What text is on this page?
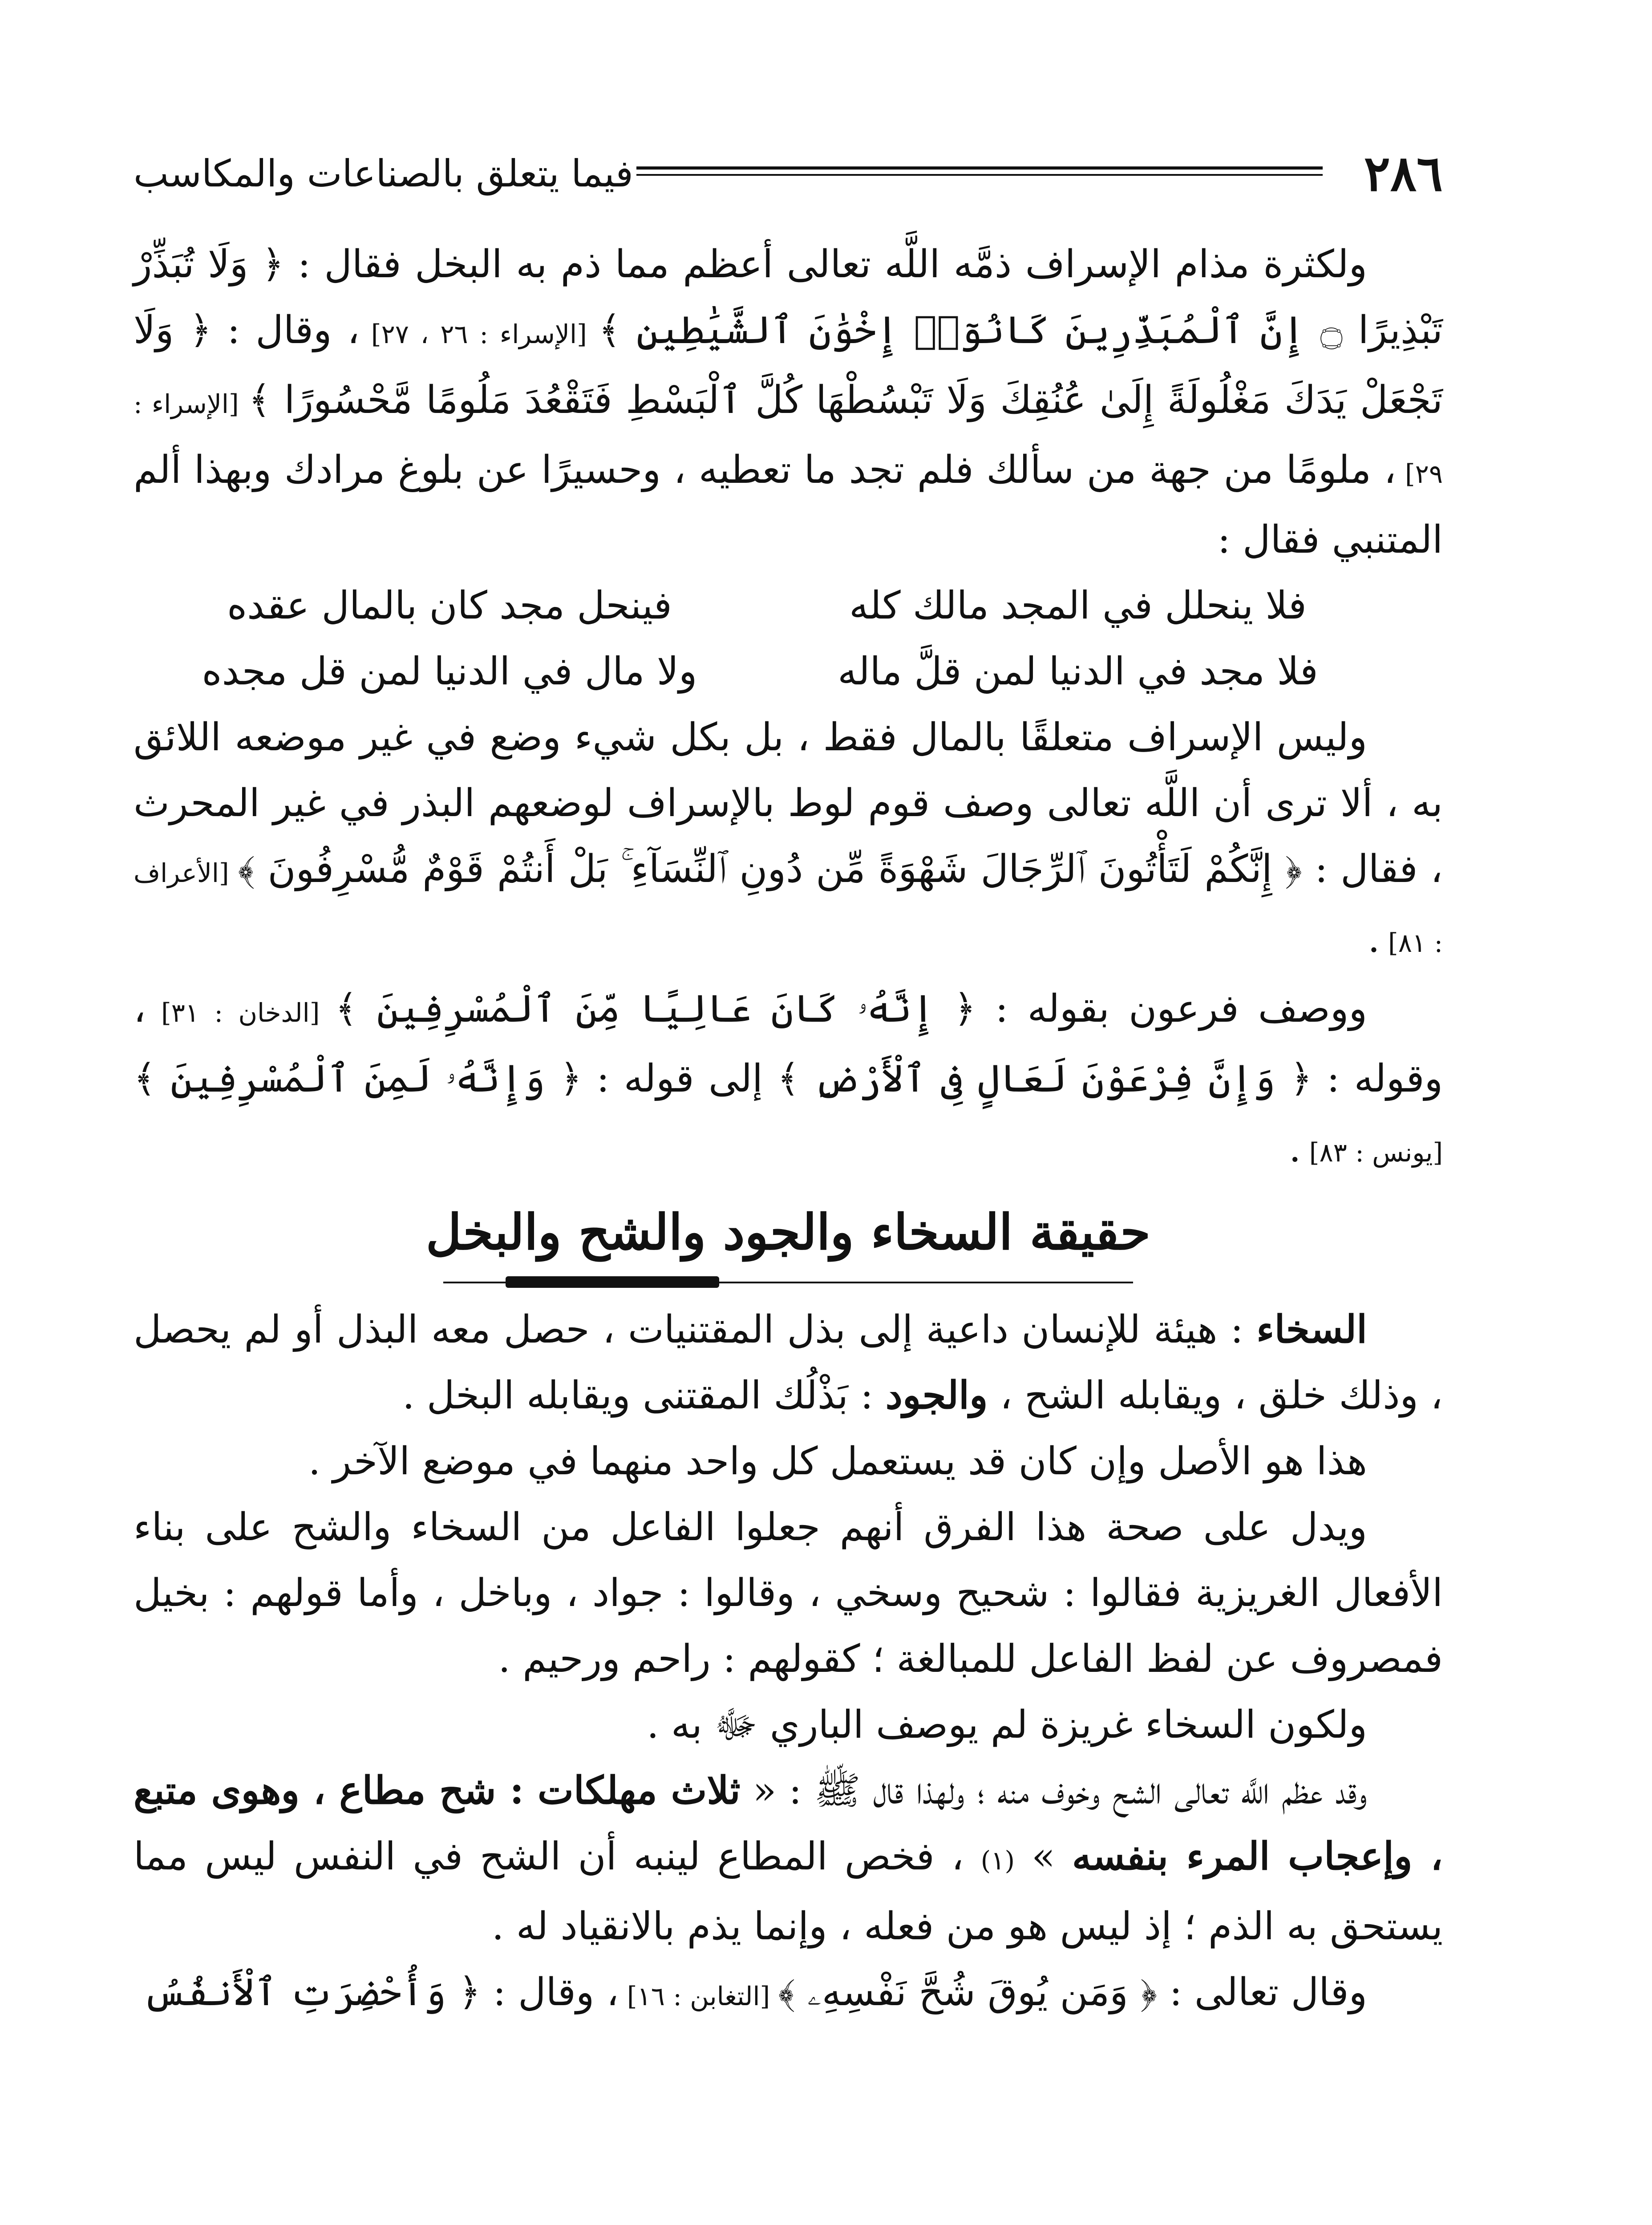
٢٨٦
فيما يتعلق بالصناعات والمكاسب

ولكثرة مذام الإسراف ذمَّه اللَّه تعالى أعظم مما ذم به البخل فقال : ﴿ وَلَا تُبَذِّرْ تَبْذِيرًا ۝ إِنَّ ٱلْمُبَذِّرِينَ كَانُوٓا۟ إِخْوَٰنَ ٱلشَّيَٰطِينِ ﴾ [الإسراء : ٢٦ ، ٢٧] ، وقال : ﴿ وَلَا تَجْعَلْ يَدَكَ مَغْلُولَةً إِلَىٰ عُنُقِكَ وَلَا تَبْسُطْهَا كُلَّ ٱلْبَسْطِ فَتَقْعُدَ مَلُومًا مَّحْسُورًا ﴾ [الإسراء : ٢٩] ، ملومًا من جهة من سألك فلم تجد ما تعطيه ، وحسيرًا عن بلوغ مرادك وبهذا ألم المتنبي فقال :

فلا ينحلل في المجد مالك كله
فينحل مجد كان بالمال عقده
فلا مجد في الدنيا لمن قلَّ ماله
ولا مال في الدنيا لمن قل مجده

وليس الإسراف متعلقًا بالمال فقط ، بل بكل شيء وضع في غير موضعه اللائق به ، ألا ترى أن اللَّه تعالى وصف قوم لوط بالإسراف لوضعهم البذر في غير المحرث ، فقال : ﴿ إِنَّكُمْ لَتَأْتُونَ ٱلرِّجَالَ شَهْوَةً مِّن دُونِ ٱلنِّسَآءِ ۚ بَلْ أَنتُمْ قَوْمٌ مُّسْرِفُونَ ﴾ [الأعراف : ٨١] .

ووصف فرعون بقوله : ﴿ إِنَّهُۥ كَانَ عَالِيًا مِّنَ ٱلْمُسْرِفِينَ ﴾ [الدخان : ٣١] ، وقوله : ﴿ وَإِنَّ فِرْعَوْنَ لَعَالٍ فِى ٱلْأَرْضِ ﴾ إلى قوله : ﴿ وَإِنَّهُۥ لَمِنَ ٱلْمُسْرِفِينَ ﴾ [يونس : ٨٣] .

حقيقة السخاء والجود والشح والبخل

السخاء : هيئة للإنسان داعية إلى بذل المقتنيات ، حصل معه البذل أو لم يحصل ، وذلك خلق ، ويقابله الشح ، والجود : بَذْلُك المقتنى ويقابله البخل .

هذا هو الأصل وإن كان قد يستعمل كل واحد منهما في موضع الآخر .

ويدل على صحة هذا الفرق أنهم جعلوا الفاعل من السخاء والشح على بناء الأفعال الغريزية فقالوا : شحيح وسخي ، وقالوا : جواد ، وباخل ، وأما قولهم : بخيل فمصروف عن لفظ الفاعل للمبالغة ؛ كقولهم : راحم ورحيم .

ولكون السخاء غريزة لم يوصف الباري ﷻ به .

وقد عظم اللَّه تعالى الشح وخوف منه ؛ ولهذا قال ﷺ : « ثلاث مهلكات : شح مطاع ، وهوى متبع ، وإعجاب المرء بنفسه » (١) ، فخص المطاع لينبه أن الشح في النفس ليس مما يستحق به الذم ؛ إذ ليس هو من فعله ، وإنما يذم بالانقياد له .

وقال تعالى : ﴿ وَمَن يُوقَ شُحَّ نَفْسِهِۦ ﴾ [التغابن : ١٦] ، وقال : ﴿ وَأُحْضِرَتِ ٱلْأَنفُسُ
